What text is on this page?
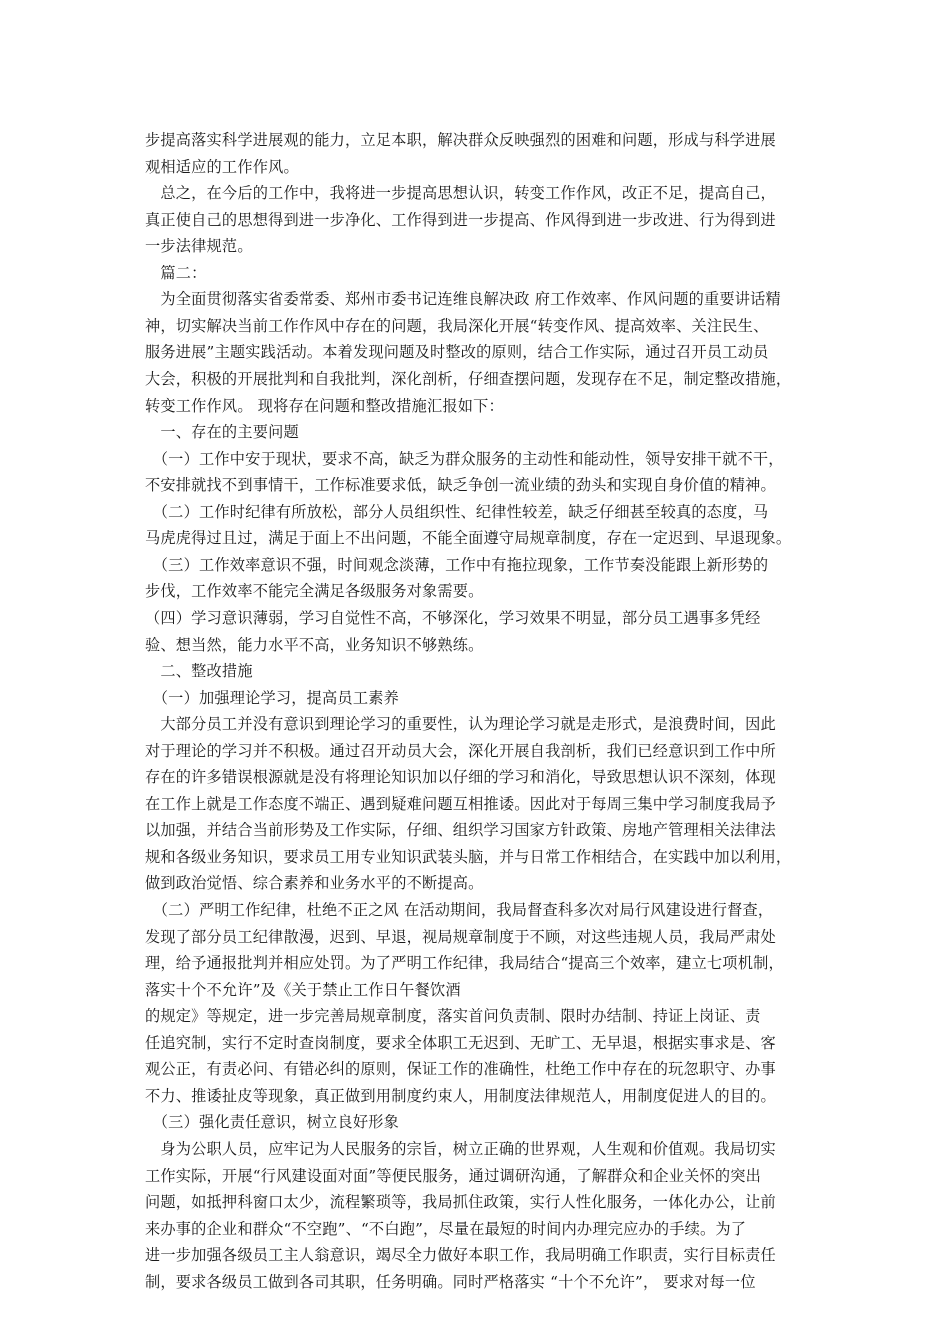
步提高落实科学进展观的能力，立足本职，解决群众反映强烈的困难和问题，形成与科学进展
观相适应的工作作风。
　总之，在今后的工作中，我将进一步提高思想认识，转变工作作风，改正不足，提高自己，
真正使自己的思想得到进一步净化、工作得到进一步提高、作风得到进一步改进、行为得到进
一步法律规范。
　篇二：
　为全面贯彻落实省委常委、郑州市委书记连维良解决政 府工作效率、作风问题的重要讲话精
神，切实解决当前工作作风中存在的问题，我局深化开展“转变作风、提高效率、关注民生、
服务进展”主题实践活动。本着发现问题及时整改的原则，结合工作实际，通过召开员工动员
大会，积极的开展批判和自我批判，深化剖析，仔细查摆问题，发现存在不足，制定整改措施，
转变工作作风。 现将存在问题和整改措施汇报如下：
　一、存在的主要问题
　（一）工作中安于现状，要求不高，缺乏为群众服务的主动性和能动性，领导安排干就不干，
不安排就找不到事情干，工作标准要求低，缺乏争创一流业绩的劲头和实现自身价值的精神。
　（二）工作时纪律有所放松，部分人员组织性、纪律性较差，缺乏仔细甚至较真的态度，马
马虎虎得过且过，满足于面上不出问题，不能全面遵守局规章制度，存在一定迟到、早退现象。
　（三）工作效率意识不强，时间观念淡薄，工作中有拖拉现象，工作节奏没能跟上新形势的
步伐，工作效率不能完全满足各级服务对象需要。
（四）学习意识薄弱，学习自觉性不高，不够深化，学习效果不明显，部分员工遇事多凭经
验、想当然，能力水平不高，业务知识不够熟练。
　二、整改措施
　（一）加强理论学习，提高员工素养
　大部分员工并没有意识到理论学习的重要性，认为理论学习就是走形式，是浪费时间，因此
对于理论的学习并不积极。通过召开动员大会，深化开展自我剖析，我们已经意识到工作中所
存在的许多错误根源就是没有将理论知识加以仔细的学习和消化，导致思想认识不深刻，体现
在工作上就是工作态度不端正、遇到疑难问题互相推诿。因此对于每周三集中学习制度我局予
以加强，并结合当前形势及工作实际，仔细、组织学习国家方针政策、房地产管理相关法律法
规和各级业务知识，要求员工用专业知识武装头脑，并与日常工作相结合，在实践中加以利用，
做到政治觉悟、综合素养和业务水平的不断提高。
　（二）严明工作纪律，杜绝不正之风 在活动期间，我局督查科多次对局行风建设进行督查，
发现了部分员工纪律散漫，迟到、早退，视局规章制度于不顾，对这些违规人员，我局严肃处
理，给予通报批判并相应处罚。为了严明工作纪律，我局结合“提高三个效率，建立七项机制，
落实十个不允许”及《关于禁止工作日午餐饮酒
的规定》等规定，进一步完善局规章制度，落实首问负责制、限时办结制、持证上岗证、责
任追究制，实行不定时查岗制度，要求全体职工无迟到、无旷工、无早退，根据实事求是、客
观公正，有责必问、有错必纠的原则，保证工作的准确性，杜绝工作中存在的玩忽职守、办事
不力、推诿扯皮等现象，真正做到用制度约束人，用制度法律规范人，用制度促进人的目的。
　（三）强化责任意识，树立良好形象
　身为公职人员，应牢记为人民服务的宗旨，树立正确的世界观，人生观和价值观。我局切实
工作实际，开展“行风建设面对面”等便民服务，通过调研沟通，了解群众和企业关怀的突出
问题，如抵押科窗口太少，流程繁琐等，我局抓住政策，实行人性化服务，一体化办公，让前
来办事的企业和群众“不空跑”、“不白跑”，尽量在最短的时间内办理完应办的手续。为了
进一步加强各级员工主人翁意识，竭尽全力做好本职工作，我局明确工作职责，实行目标责任
制，要求各级员工做到各司其职，任务明确。同时严格落实 “十个不允许”， 要求对每一位
